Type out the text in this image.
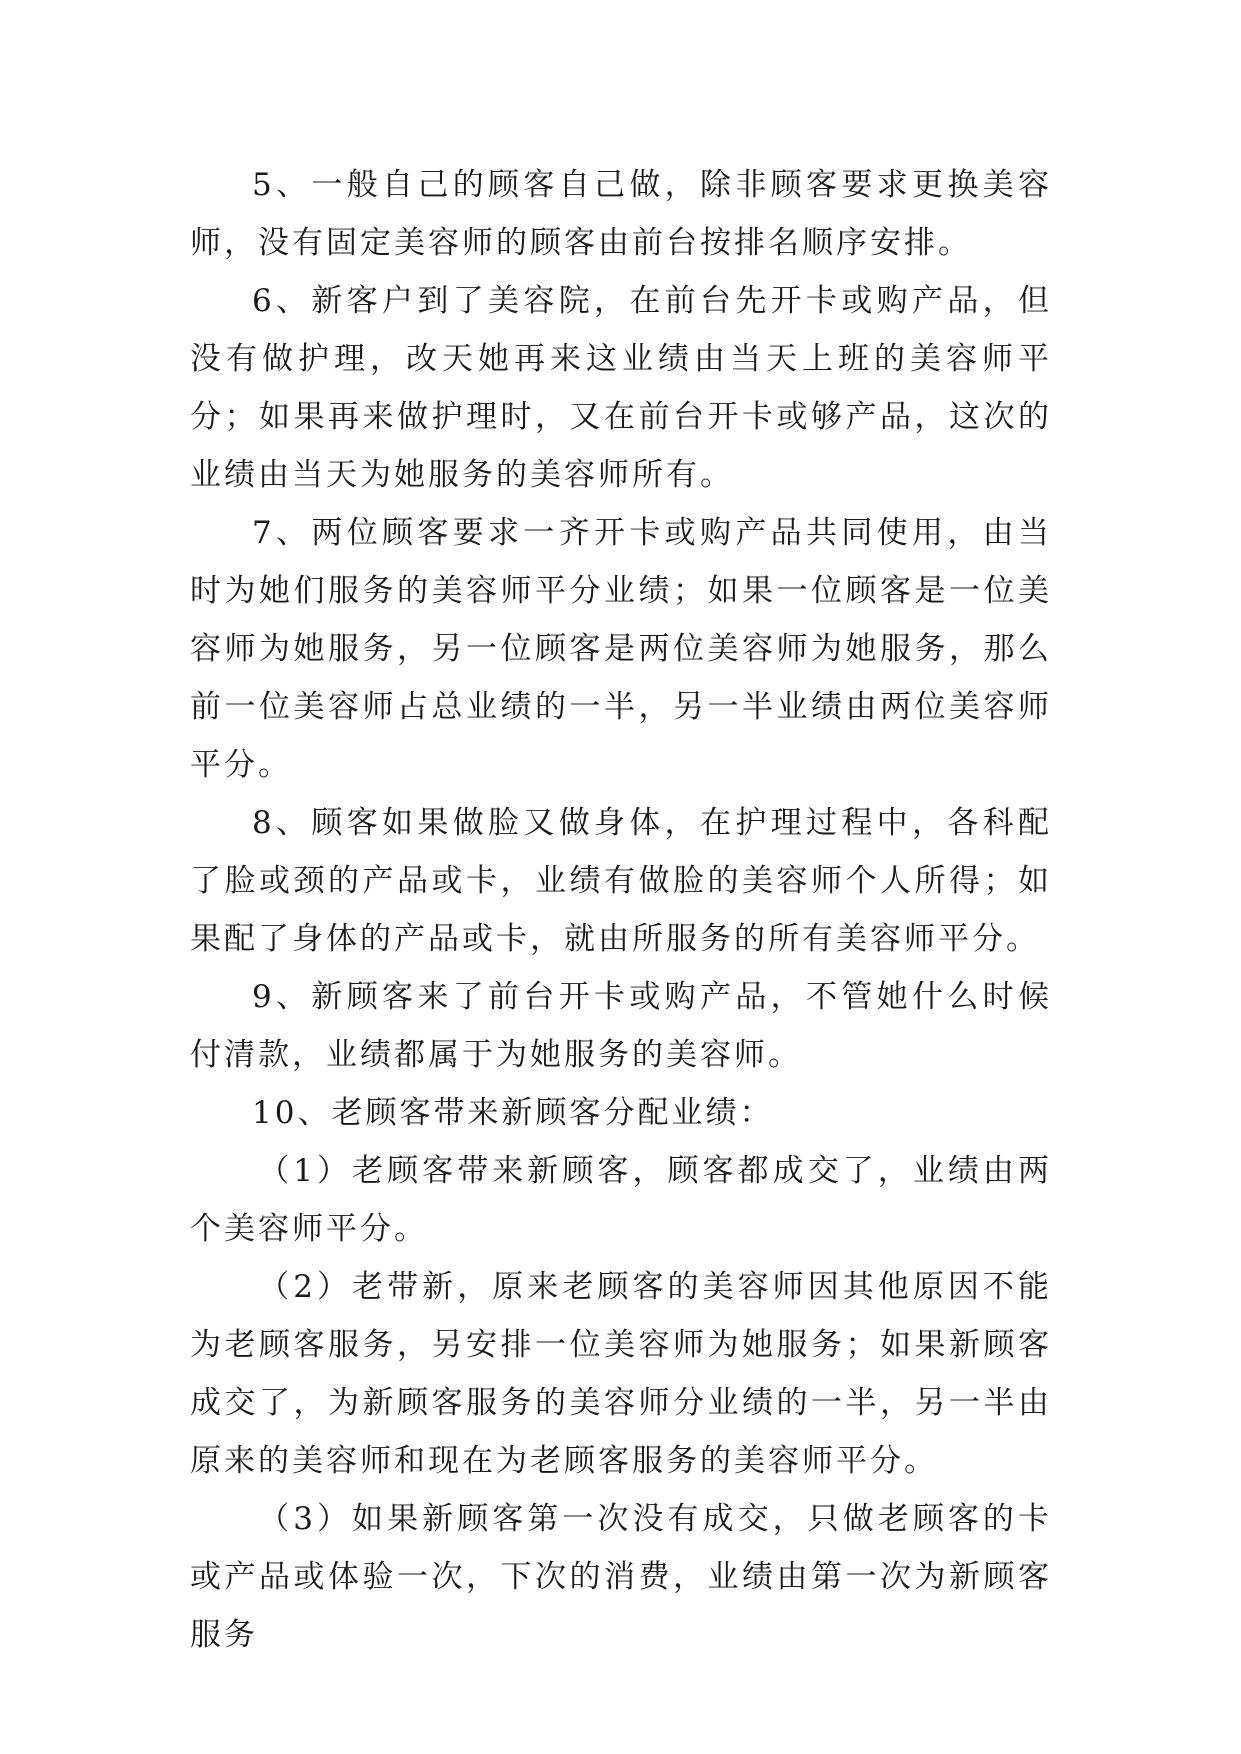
5、一般自己的顾客自己做，除非顾客要求更换美容师，没有固定美容师的顾客由前台按排名顺序安排。

6、新客户到了美容院，在前台先开卡或购产品，但没有做护理，改天她再来这业绩由当天上班的美容师平分；如果再来做护理时，又在前台开卡或够产品，这次的业绩由当天为她服务的美容师所有。

7、两位顾客要求一齐开卡或购产品共同使用，由当时为她们服务的美容师平分业绩；如果一位顾客是一位美容师为她服务，另一位顾客是两位美容师为她服务，那么前一位美容师占总业绩的一半，另一半业绩由两位美容师平分。

8、顾客如果做脸又做身体，在护理过程中，各科配了脸或颈的产品或卡，业绩有做脸的美容师个人所得；如果配了身体的产品或卡，就由所服务的所有美容师平分。

9、新顾客来了前台开卡或购产品，不管她什么时候付清款，业绩都属于为她服务的美容师。

10、老顾客带来新顾客分配业绩：

（1）老顾客带来新顾客，顾客都成交了，业绩由两个美容师平分。

（2）老带新，原来老顾客的美容师因其他原因不能为老顾客服务，另安排一位美容师为她服务；如果新顾客成交了，为新顾客服务的美容师分业绩的一半，另一半由原来的美容师和现在为老顾客服务的美容师平分。

（3）如果新顾客第一次没有成交，只做老顾客的卡或产品或体验一次，下次的消费，业绩由第一次为新顾客服务
